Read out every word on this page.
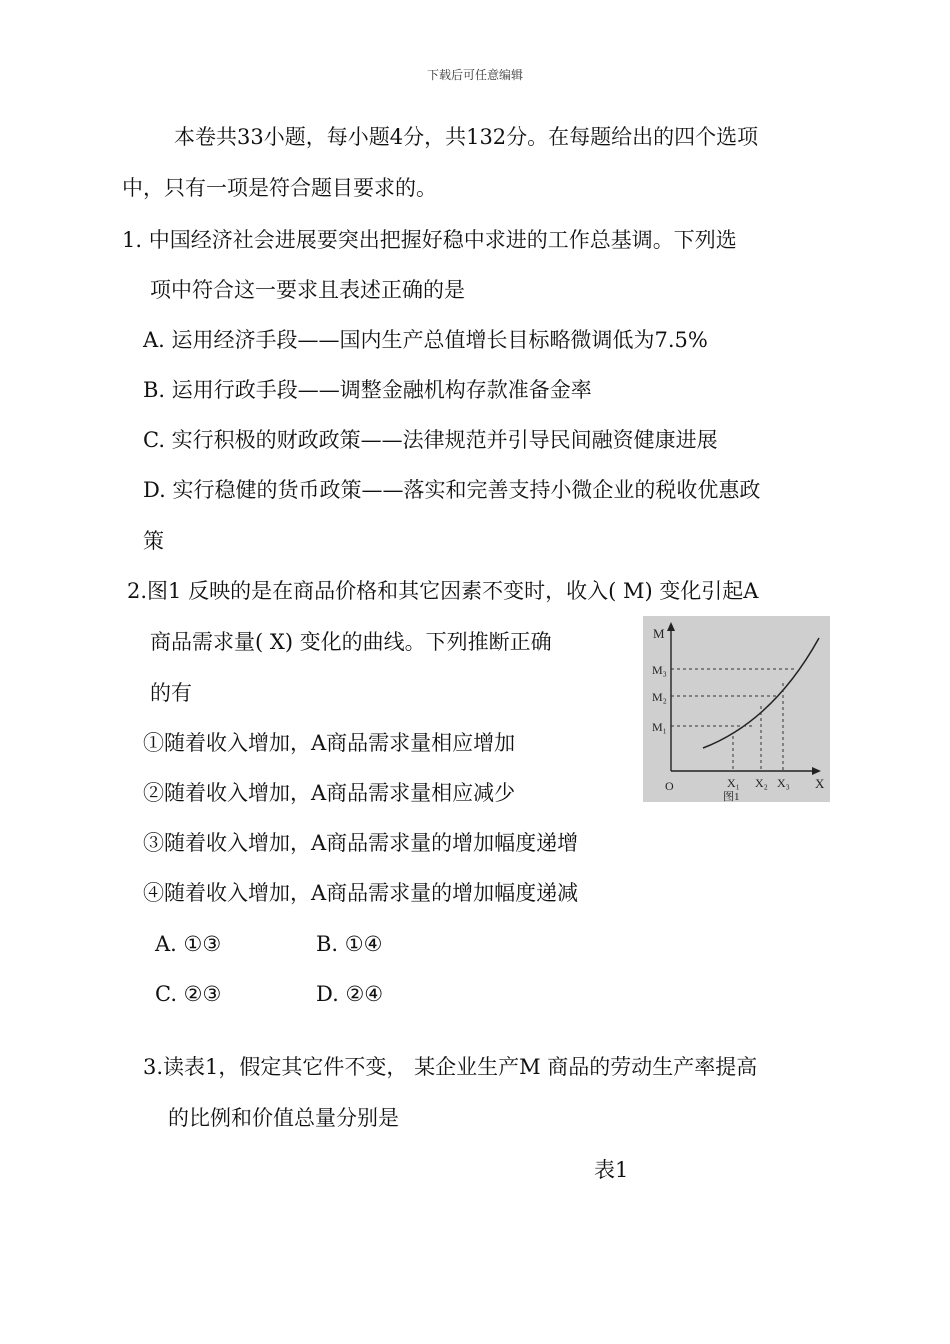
下载后可任意编辑
本卷共33小题，每小题4分，共132分。在每题给出的四个选项
中，只有一项是符合题目要求的。
1. 中国经济社会进展要突出把握好稳中求进的工作总基调。下列选
项中符合这一要求且表述正确的是
A. 运用经济手段——国内生产总值增长目标略微调低为7.5%
B. 运用行政手段——调整金融机构存款准备金率
C. 实行积极的财政政策——法律规范并引导民间融资健康进展
D. 实行稳健的货币政策——落实和完善支持小微企业的税收优惠政
策
2.图1 反映的是在商品价格和其它因素不变时，收入( M) 变化引起A
商品需求量( X) 变化的曲线。下列推断正确
的有
①随着收入增加，A商品需求量相应增加
②随着收入增加，A商品需求量相应减少
③随着收入增加，A商品需求量的增加幅度递增
④随着收入增加，A商品需求量的增加幅度递减
A. ①③	B. ①④
C. ②③	D. ②④
M
M₃
M₂
M₁
O	X₁ X₂ X₃ X
图1
3.读表1，假定其它件不变， 某企业生产M 商品的劳动生产率提高
的比例和价值总量分别是
表1
